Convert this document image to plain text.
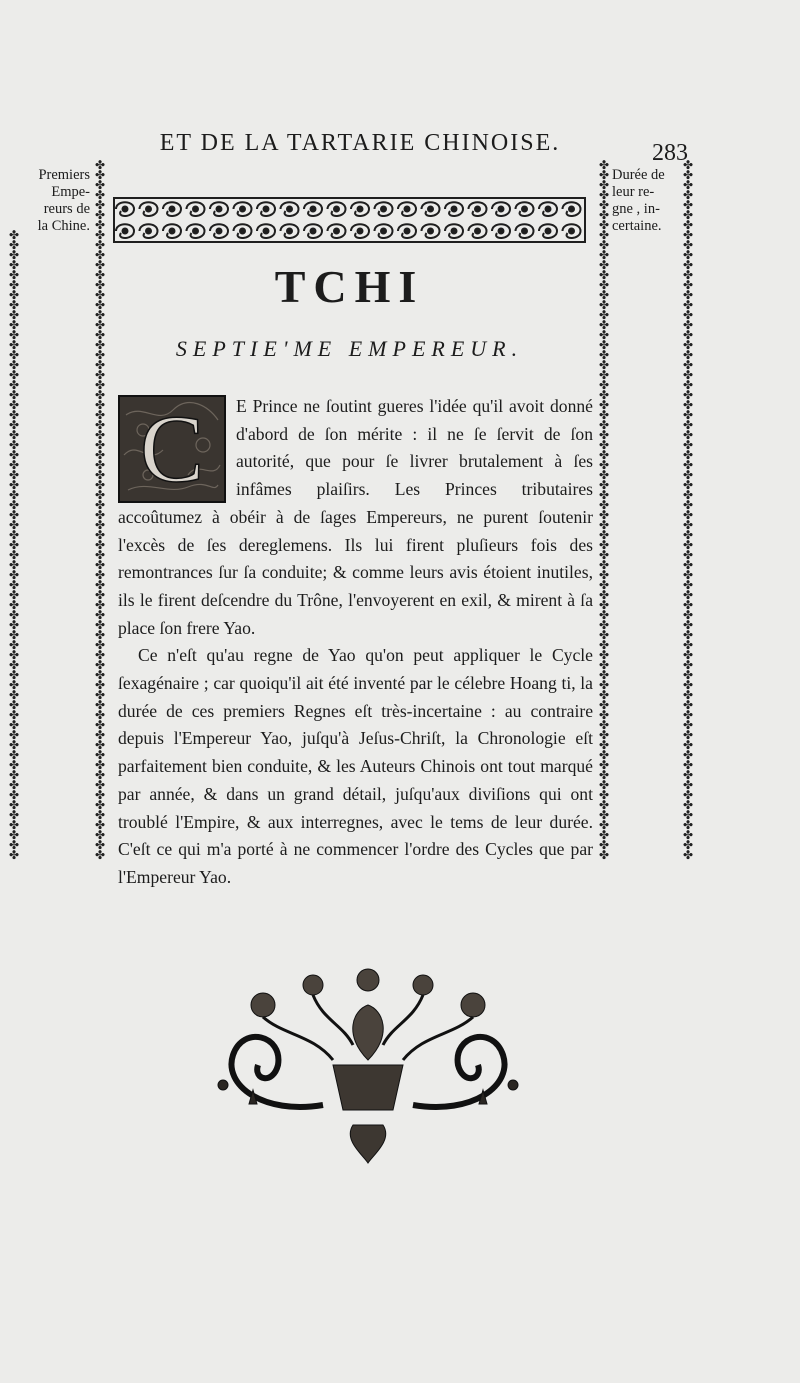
ET DE LA TARTARIE CHINOISE.	283
✤
✤
✤
✤
✤
✤
✤
✤
✤
✤
✤
✤
✤
✤
✤
✤
✤
✤
✤
✤
✤
✤
✤
✤
✤
✤
✤
✤
✤
✤
✤
✤
✤
✤
✤
✤
✤
✤
✤
✤
✤
✤
✤
✤
✤
✤
✤
✤
✤
✤
✤
✤
✤
✤
✤
✤
✤
✤
✤
✤
✤
✤
✤

✤
✤
✤
✤
✤
✤
✤
✤
✤
✤
✤
✤
✤
✤
✤
✤
✤
✤
✤
✤
✤
✤
✤
✤
✤
✤
✤
✤
✤
✤
✤
✤
✤
✤
✤
✤
✤
✤
✤
✤
✤
✤
✤
✤
✤
✤
✤
✤
✤
✤
✤
✤
✤
✤
✤
✤
✤
✤
✤
✤
✤
✤
✤
✤
✤
✤
✤
✤
✤
✤

✤
✤
✤
✤
✤
✤
✤
✤
✤
✤
✤
✤
✤
✤
✤
✤
✤
✤
✤
✤
✤
✤
✤
✤
✤
✤
✤
✤
✤
✤
✤
✤
✤
✤
✤
✤
✤
✤
✤
✤
✤
✤
✤
✤
✤
✤
✤
✤
✤
✤
✤
✤
✤
✤
✤
✤
✤
✤
✤
✤
✤
✤
✤
✤
✤
✤
✤
✤
✤
✤

✤
✤
✤
✤
✤
✤
✤
✤
✤
✤
✤
✤
✤
✤
✤
✤
✤
✤
✤
✤
✤
✤
✤
✤
✤
✤
✤
✤
✤
✤
✤
✤
✤
✤
✤
✤
✤
✤
✤
✤
✤
✤
✤
✤
✤
✤
✤
✤
✤
✤
✤
✤
✤
✤
✤
✤
✤
✤
✤
✤
✤
✤
✤
✤
✤
✤
✤
✤
✤
✤

Premiers
Empe-
reurs de
la Chine.
Durée de
leur re-
gne , in-
certaine.
TCHI
SEPTIE'ME EMPEREUR.
C	E Prince ne ſoutint gueres l'idée qu'il avoit donné d'abord de ſon mérite : il ne ſe ſervit de ſon autorité, que pour ſe livrer brutalement à ſes infâmes plaiſirs. Les Princes tributaires accoûtumez à obéir à de ſages Empereurs, ne purent ſoutenir l'excès de ſes dereglemens. Ils lui firent pluſieurs fois des remontrances ſur ſa conduite; & comme leurs avis étoient inutiles, ils le firent deſcendre du Trône, l'envoyerent en exil, & mirent à ſa place ſon frere Yao.

Ce n'eſt qu'au regne de Yao qu'on peut appliquer le Cycle ſexagénaire ; car quoiqu'il ait été inventé par le célebre Hoang ti, la durée de ces premiers Regnes eſt très-incertaine : au contraire depuis l'Empereur Yao, juſqu'à Jeſus-Chriſt, la Chronologie eſt parfaitement bien conduite, & les Auteurs Chinois ont tout marqué par année, & dans un grand détail, juſqu'aux diviſions qui ont troublé l'Empire, & aux interregnes, avec le tems de leur durée. C'eſt ce qui m'a porté à ne commencer l'ordre des Cycles que par l'Empereur Yao.
